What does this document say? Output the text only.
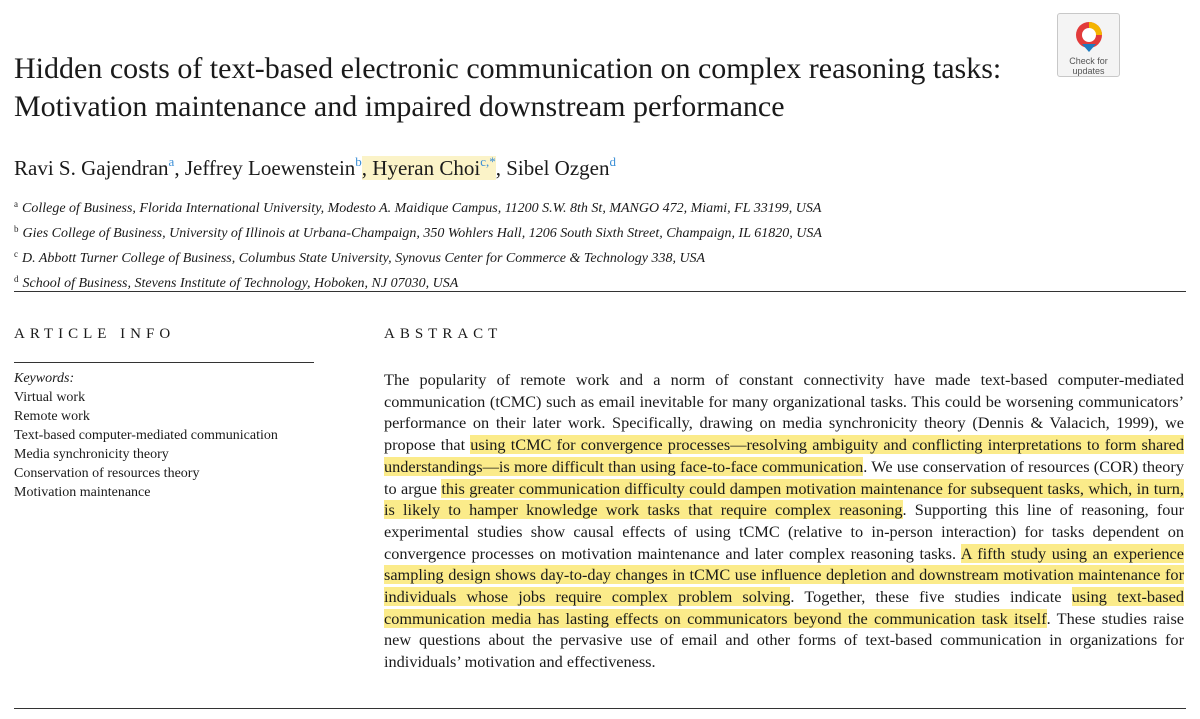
Hidden costs of text-based electronic communication on complex reasoning tasks: Motivation maintenance and impaired downstream performance
Check for
updates
Ravi S. Gajendran$^a$, Jeffrey Loewenstein$^b$, Hyeran Choi$^{c,*}$, Sibel Ozgen$^d$
$^a$ College of Business, Florida International University, Modesto A. Maidique Campus, 11200 S.W. 8th St, MANGO 472, Miami, FL 33199, USA
$^b$ Gies College of Business, University of Illinois at Urbana-Champaign, 350 Wohlers Hall, 1206 South Sixth Street, Champaign, IL 61820, USA
$^c$ D. Abbott Turner College of Business, Columbus State University, Synovus Center for Commerce & Technology 338, USA
$^d$ School of Business, Stevens Institute of Technology, Hoboken, NJ 07030, USA
ARTICLE INFO	ABSTRACT
Keywords:
Virtual work
Remote work
Text-based computer-mediated communication
Media synchronicity theory
Conservation of resources theory
Motivation maintenance

The popularity of remote work and a norm of constant connectivity have made text-based computer-mediated communication (tCMC) such as email inevitable for many organizational tasks. This could be worsening communicators’ performance on their later work. Specifically, drawing on media synchronicity theory (Dennis & Valacich, 1999), we propose that using tCMC for convergence processes—resolving ambiguity and conflicting interpretations to form shared understandings—is more difficult than using face-to-face communication. We use conservation of resources (COR) theory to argue this greater communication difficulty could dampen motivation maintenance for subsequent tasks, which, in turn, is likely to hamper knowledge work tasks that require complex reasoning. Supporting this line of reasoning, four experimental studies show causal effects of using tCMC (relative to in-person interaction) for tasks dependent on convergence processes on motivation maintenance and later complex reasoning tasks. A fifth study using an experience sampling design shows day-to-day changes in tCMC use influence depletion and downstream motivation maintenance for individuals whose jobs require complex problem solving. Together, these five studies indicate using text-based communication media has lasting effects on communicators beyond the communication task itself. These studies raise new questions about the pervasive use of email and other forms of text-based communication in organizations for individuals’ motivation and effectiveness.
